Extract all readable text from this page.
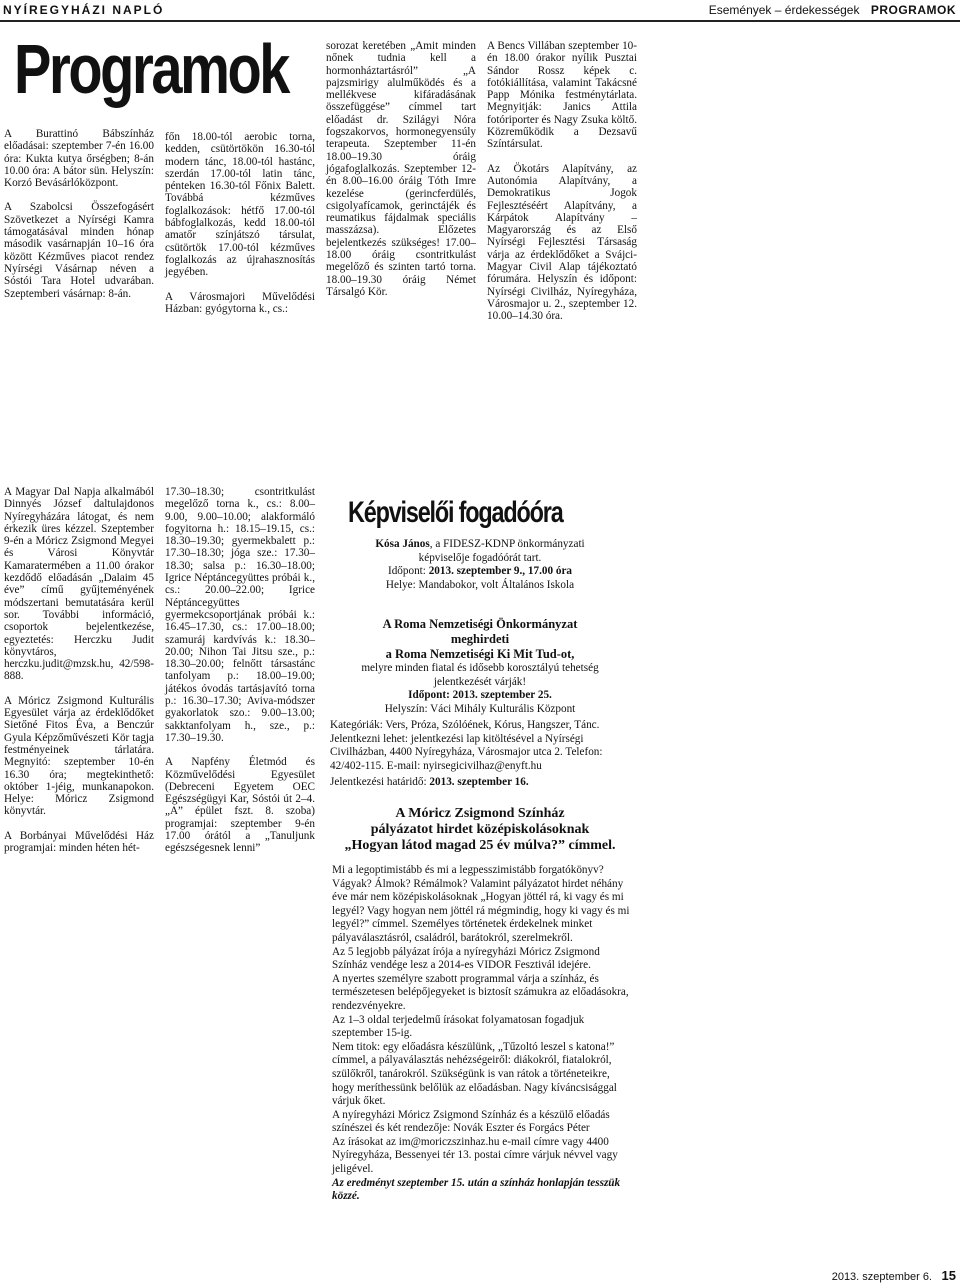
NYÍREGYHÁZI NAPLÓ	Események – érdekességek PROGRAMOK
Programok

A Burattinó Bábszínház előadásai: szeptember 7-én 16.00 óra: Kukta kutya őrségben; 8-án 10.00 óra: A bátor sün. Helyszín: Korzó Bevásárlóközpont.

A Szabolcsi Összefogásért Szövetkezet a Nyírségi Kamra támogatásával minden hónap második vasárnapján 10–16 óra között Kézműves piacot rendez Nyírségi Vásárnap néven a Sóstói Tara Hotel udvarában. Szeptemberi vásárnap: 8-án.

főn 18.00-tól aerobic torna, kedden, csütörtökön 16.30-tól modern tánc, 18.00-tól hastánc, szerdán 17.00-tól latin tánc, pénteken 16.30-tól Főnix Balett. Továbbá kézműves foglalkozások: hétfő 17.00-tól bábfoglalkozás, kedd 18.00-tól amatőr színjátszó társulat, csütörtök 17.00-tól kézműves foglalkozás az újrahasznosítás jegyében.

A Városmajori Művelődési Házban: gyógytorna k., cs.:

sorozat keretében „Amit minden nőnek tudnia kell a hormonháztartásról” „A pajzsmirigy alulműködés és a mellékvese kifáradásának összefüggése” címmel tart előadást dr. Szilágyi Nóra fogszakorvos, hormonegyensúly terapeuta. Szeptember 11-én 18.00–19.30 óráig jógafoglalkozás. Szeptember 12-én 8.00–16.00 óráig Tóth Imre kezelése (gerincferdülés, csigolyafícamok, gerinctájék és reumatikus fájdalmak speciális masszázsa). Előzetes bejelentkezés szükséges! 17.00–18.00 óráig csontritkulást megelőző és szinten tartó torna. 18.00–19.30 óráig Német Társalgó Kör.

A Bencs Villában szeptember 10-én 18.00 órakor nyílik Pusztai Sándor Rossz képek c. fotókiállítása, valamint Takácsné Papp Mónika festménytárlata. Megnyitják: Janics Attila fotóriporter és Nagy Zsuka költő. Közreműködik a Dezsavű Színtársulat.

Az Ökotárs Alapítvány, az Autonómia Alapítvány, a Demokratikus Jogok Fejlesztéséért Alapítvány, a Kárpátok Alapítvány – Magyarország és az Első Nyírségi Fejlesztési Társaság várja az érdeklődőket a Svájci-Magyar Civil Alap tájékoztató fórumára. Helyszín és időpont: Nyírségi Civilház, Nyíregyháza, Városmajor u. 2., szeptember 12. 10.00–14.30 óra.

A Magyar Dal Napja alkalmából Dinnyés József daltulajdonos Nyíregyházára látogat, és nem érkezik üres kézzel. Szeptember 9-én a Móricz Zsigmond Megyei és Városi Könyvtár Kamaratermében a 11.00 órakor kezdődő előadásán „Dalaim 45 éve” című gyűjteményének módszertani bemutatására kerül sor. További információ, csoportok bejelentkezése, egyeztetés: Herczku Judit könyvtáros, herczku.judit@mzsk.hu, 42/598-888.

A Móricz Zsigmond Kulturális Egyesület várja az érdeklődőket Sietőné Fitos Éva, a Benczúr Gyula Képzőművészeti Kör tagja festményeinek tárlatára. Megnyitó: szeptember 10-én 16.30 óra; megtekinthető: október 1-jéig, munkanapokon. Helye: Móricz Zsigmond könyvtár.

A Borbányai Művelődési Ház programjai: minden héten hét-

17.30–18.30; csontritkulást megelőző torna k., cs.: 8.00–9.00, 9.00–10.00; alakformáló fogyitorna h.: 18.15–19.15, cs.: 18.30–19.30; gyermekbalett p.: 17.30–18.30; jóga sze.: 17.30–18.30; salsa p.: 16.30–18.00; Igrice Néptáncegyüttes próbái k., cs.: 20.00–22.00; Igrice Néptáncegyüttes gyermekcsoportjának próbái k.: 16.45–17.30, cs.: 17.00–18.00; szamuráj kardvívás k.: 18.30–20.00; Nihon Tai Jitsu sze., p.: 18.30–20.00; felnőtt társastánc tanfolyam p.: 18.00–19.00; játékos óvodás tartásjavító torna p.: 16.30–17.30; Aviva-módszer gyakorlatok szo.: 9.00–13.00; sakktanfolyam h., sze., p.: 17.30–19.30.

A Napfény Életmód és Közművelődési Egyesület (Debreceni Egyetem OEC Egészségügyi Kar, Sóstói út 2–4. „A” épület fszt. 8. szoba) programjai: szeptember 9-én 17.00 órától a „Tanuljunk egészségesnek lenni”

Képviselői fogadóóra
Kósa János, a FIDESZ-KDNP önkormányzati
képviselője fogadóórát tart.
Időpont: 2013. szeptember 9., 17.00 óra
Helye: Mandabokor, volt Általános Iskola
A Roma Nemzetiségi Önkormányzat
meghirdeti
a Roma Nemzetiségi Ki Mit Tud-ot,
melyre minden fiatal és idősebb korosztályú tehetség
jelentkezését várják!
Időpont: 2013. szeptember 25.
Helyszín: Váci Mihály Kulturális Központ
Kategóriák: Vers, Próza, Szólóének, Kórus, Hangszer, Tánc. Jelentkezni lehet: jelentkezési lap kitöltésével a Nyírségi Civilházban, 4400 Nyíregyháza, Városmajor utca 2. Telefon: 42/402-115. E-mail: nyirsegicivilhaz@enyft.hu
Jelentkezési határidő: 2013. szeptember 16.
A Móricz Zsigmond Színház
pályázatot hirdet középiskolásoknak
„Hogyan látod magad 25 év múlva?” címmel.

Mi a legoptimistább és mi a legpesszimistább forgatókönyv? Vágyak? Álmok? Rémálmok? Valamint pályázatot hirdet néhány éve már nem középiskolásoknak „Hogyan jöttél rá, ki vagy és mi legyél? Vagy hogyan nem jöttél rá mégmindig, hogy ki vagy és mi legyél?” címmel. Személyes történetek érdekelnek minket pályaválasztásról, családról, barátokról, szerelmekről.

Az 5 legjobb pályázat írója a nyíregyházi Móricz Zsigmond Színház vendége lesz a 2014-es VIDOR Fesztivál idejére.

A nyertes személyre szabott programmal várja a színház, és természetesen belépőjegyeket is biztosít számukra az előadásokra, rendezvényekre.

Az 1–3 oldal terjedelmű írásokat folyamatosan fogadjuk szeptember 15-ig.

Nem titok: egy előadásra készülünk, „Tűzoltó leszel s katona!” címmel, a pályaválasztás nehézségeiről: diákokról, fiatalokról, szülőkről, tanárokról. Szükségünk is van rátok a történeteikre, hogy meríthessünk belőlük az előadásban. Nagy kíváncsisággal várjuk őket.

A nyíregyházi Móricz Zsigmond Színház és a készülő előadás színészei és két rendezője: Novák Eszter és Forgács Péter

Az írásokat az im@moriczszinhaz.hu e-mail címre vagy 4400 Nyíregyháza, Bessenyei tér 13. postai címre várjuk névvel vagy jeligével.

Az eredményt szeptember 15. után a színház honlapján tesszük közzé.

2013. szeptember 6. 15
